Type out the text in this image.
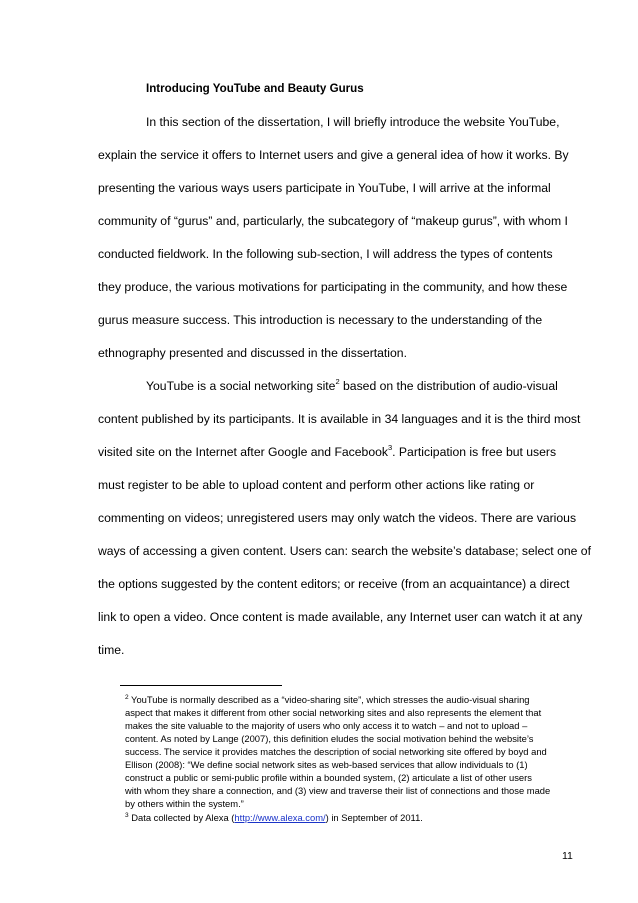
Introducing YouTube and Beauty Gurus
In this section of the dissertation, I will briefly introduce the website YouTube,
explain the service it offers to Internet users and give a general idea of how it works. By
presenting the various ways users participate in YouTube, I will arrive at the informal
community of “gurus” and, particularly, the subcategory of “makeup gurus”, with whom I
conducted fieldwork. In the following sub-section, I will address the types of contents
they produce, the various motivations for participating in the community, and how these
gurus measure success. This introduction is necessary to the understanding of the
ethnography presented and discussed in the dissertation.
YouTube is a social networking site$^2$ based on the distribution of audio-visual
content published by its participants. It is available in 34 languages and it is the third most
visited site on the Internet after Google and Facebook$^3$. Participation is free but users
must register to be able to upload content and perform other actions like rating or
commenting on videos; unregistered users may only watch the videos. There are various
ways of accessing a given content. Users can: search the website’s database; select one of
the options suggested by the content editors; or receive (from an acquaintance) a direct
link to open a video. Once content is made available, any Internet user can watch it at any
time.
$^2$ YouTube is normally described as a “video-sharing site”, which stresses the audio-visual sharing
aspect that makes it different from other social networking sites and also represents the element that
makes the site valuable to the majority of users who only access it to watch – and not to upload –
content. As noted by Lange (2007), this definition eludes the social motivation behind the website’s
success. The service it provides matches the description of social networking site offered by boyd and
Ellison (2008): “We define social network sites as web-based services that allow individuals to (1)
construct a public or semi-public profile within a bounded system, (2) articulate a list of other users
with whom they share a connection, and (3) view and traverse their list of connections and those made
by others within the system.”
$^3$ Data collected by Alexa (http://www.alexa.com/) in September of 2011.
11
